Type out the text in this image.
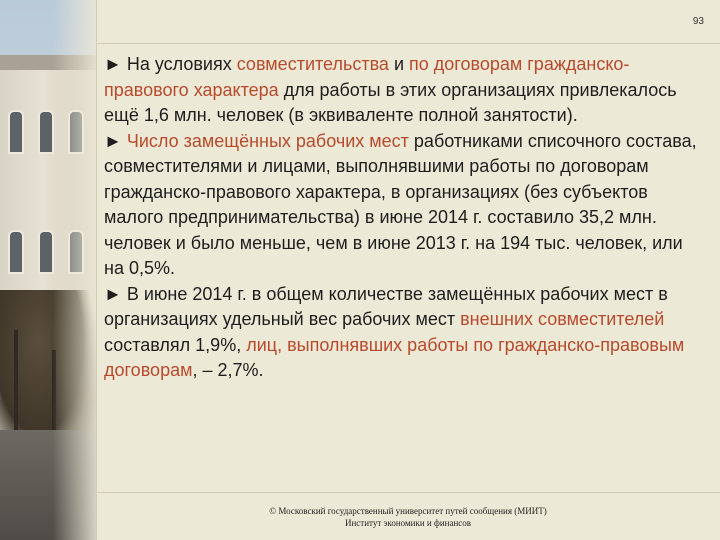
93

► На условиях совместительства и по договорам гражданско-правового характера для работы в этих организациях привлекалось ещё 1,6 млн. человек (в эквиваленте полной занятости).

► Число замещённых рабочих мест работниками списочного состава, совместителями и лицами, выполнявшими работы по договорам гражданско-правового характера, в организациях (без субъектов малого предпринимательства) в июне 2014 г. составило 35,2 млн. человек и было меньше, чем в июне 2013 г. на 194 тыс. человек, или на 0,5%.

► В июне 2014 г. в общем количестве замещённых рабочих мест в организациях удельный вес рабочих мест внешних совместителей составлял 1,9%, лиц, выполнявших работы по гражданско-правовым договорам, – 2,7%.

© Московский государственный университет путей сообщения (МИИТ)
Институт экономики и финансов
